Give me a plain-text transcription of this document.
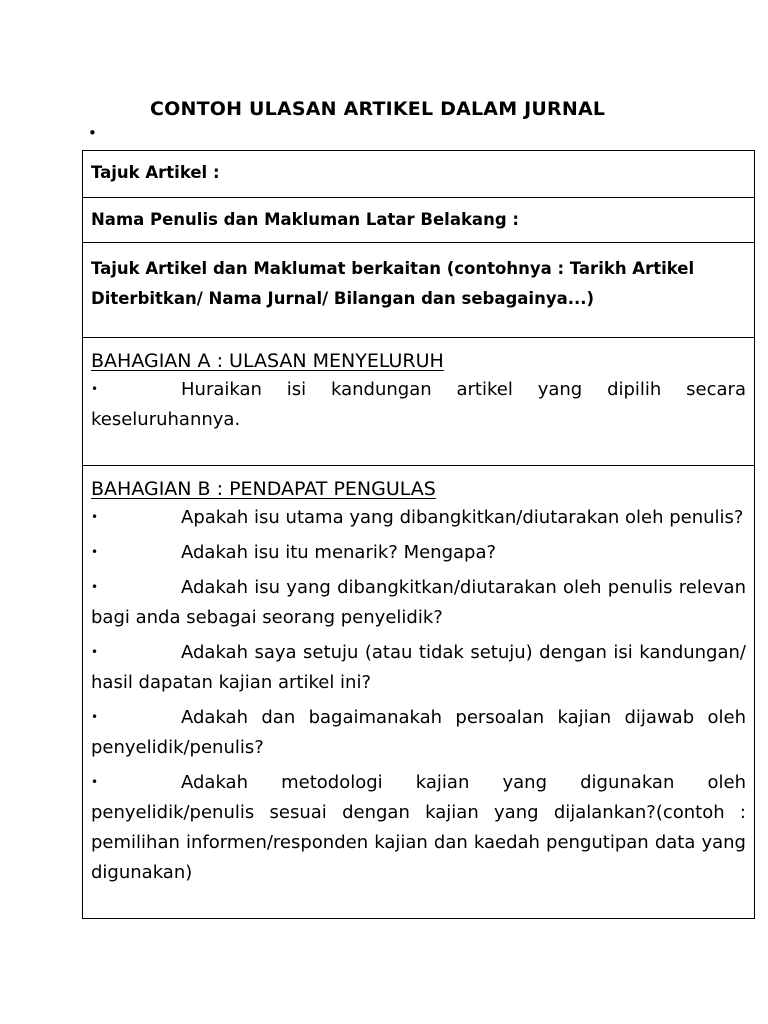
CONTOH ULASAN ARTIKEL DALAM JURNAL
•
Tajuk Artikel :
Nama Penulis dan Makluman Latar Belakang :
Tajuk Artikel dan Maklumat berkaitan (contohnya : Tarikh Artikel Diterbitkan/ Nama Jurnal/ Bilangan dan sebagainya...)
BAHAGIAN A : ULASAN MENYELURUH
•	Huraikan isi kandungan artikel yang dipilih secara keseluruhannya.
BAHAGIAN B : PENDAPAT PENGULAS
•	Apakah isu utama yang dibangkitkan/diutarakan oleh penulis?
•	Adakah isu itu menarik? Mengapa?
•	Adakah isu yang dibangkitkan/diutarakan oleh penulis relevan bagi anda sebagai seorang penyelidik?
•	Adakah saya setuju (atau tidak setuju) dengan isi kandungan/ hasil dapatan kajian artikel ini?
•	Adakah dan bagaimanakah persoalan kajian dijawab oleh penyelidik/penulis?
•	Adakah metodologi kajian yang digunakan oleh penyelidik/penulis sesuai dengan kajian yang dijalankan?(contoh : pemilihan informen/responden kajian dan kaedah pengutipan data yang digunakan)
